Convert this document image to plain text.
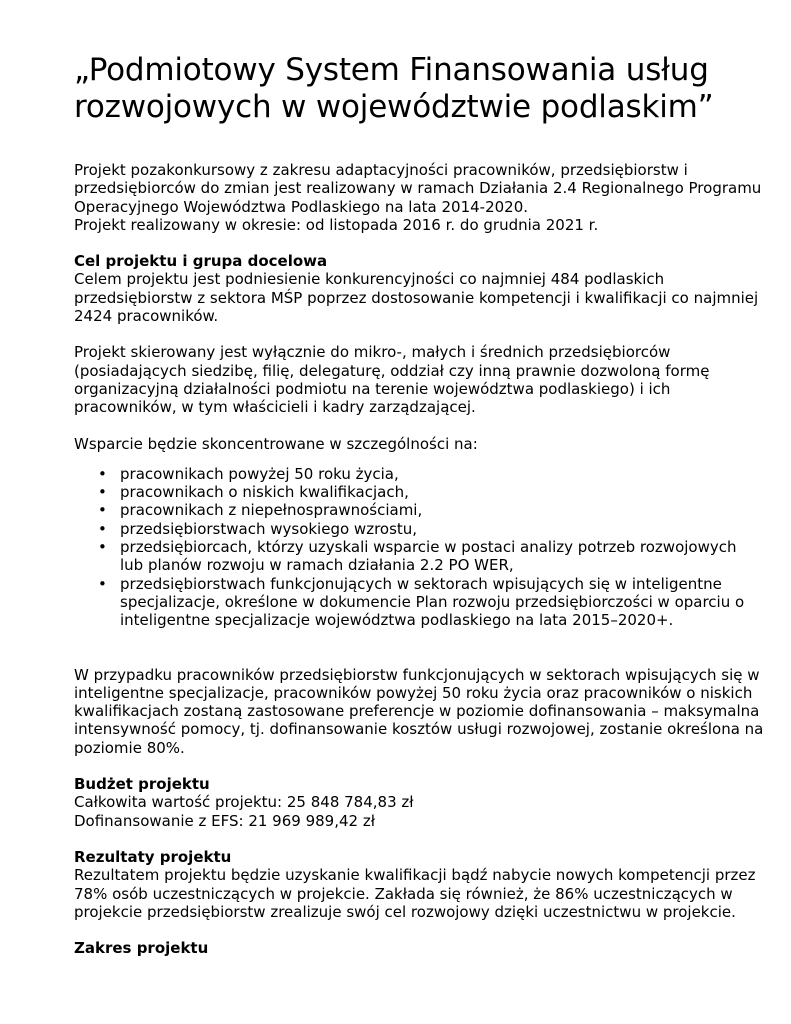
„Podmiotowy System Finansowania usług rozwojowych w województwie podlaskim”

Projekt pozakonkursowy z zakresu adaptacyjności pracowników, przedsiębiorstw i przedsiębiorców do zmian jest realizowany w ramach Działania 2.4 Regionalnego Programu Operacyjnego Województwa Podlaskiego na lata 2014-2020.

Projekt realizowany w okresie: od listopada 2016 r. do grudnia 2021 r.

Cel projektu i grupa docelowa

Celem projektu jest podniesienie konkurencyjności co najmniej 484 podlaskich przedsiębiorstw z sektora MŚP poprzez dostosowanie kompetencji i kwalifikacji co najmniej 2424 pracowników.

Projekt skierowany jest wyłącznie do mikro-, małych i średnich przedsiębiorców (posiadających siedzibę, filię, delegaturę, oddział czy inną prawnie dozwoloną formę organizacyjną działalności podmiotu na terenie województwa podlaskiego) i ich pracowników, w tym właścicieli i kadry zarządzającej.

Wsparcie będzie skoncentrowane w szczególności na:

• pracownikach powyżej 50 roku życia,
• pracownikach o niskich kwalifikacjach,
• pracownikach z niepełnosprawnościami,
• przedsiębiorstwach wysokiego wzrostu,
• przedsiębiorcach, którzy uzyskali wsparcie w postaci analizy potrzeb rozwojowych lub planów rozwoju w ramach działania 2.2 PO WER,
• przedsiębiorstwach funkcjonujących w sektorach wpisujących się w inteligentne specjalizacje, określone w dokumencie Plan rozwoju przedsiębiorczości w oparciu o inteligentne specjalizacje województwa podlaskiego na lata 2015–2020+.

W przypadku pracowników przedsiębiorstw funkcjonujących w sektorach wpisujących się w inteligentne specjalizacje, pracowników powyżej 50 roku życia oraz pracowników o niskich kwalifikacjach zostaną zastosowane preferencje w poziomie dofinansowania – maksymalna intensywność pomocy, tj. dofinansowanie kosztów usługi rozwojowej, zostanie określona na poziomie 80%.

Budżet projektu

Całkowita wartość projektu: 25 848 784,83 zł

Dofinansowanie z EFS: 21 969 989,42 zł

Rezultaty projektu

Rezultatem projektu będzie uzyskanie kwalifikacji bądź nabycie nowych kompetencji przez 78% osób uczestniczących w projekcie. Zakłada się również, że 86% uczestniczących w projekcie przedsiębiorstw zrealizuje swój cel rozwojowy dzięki uczestnictwu w projekcie.

Zakres projektu
